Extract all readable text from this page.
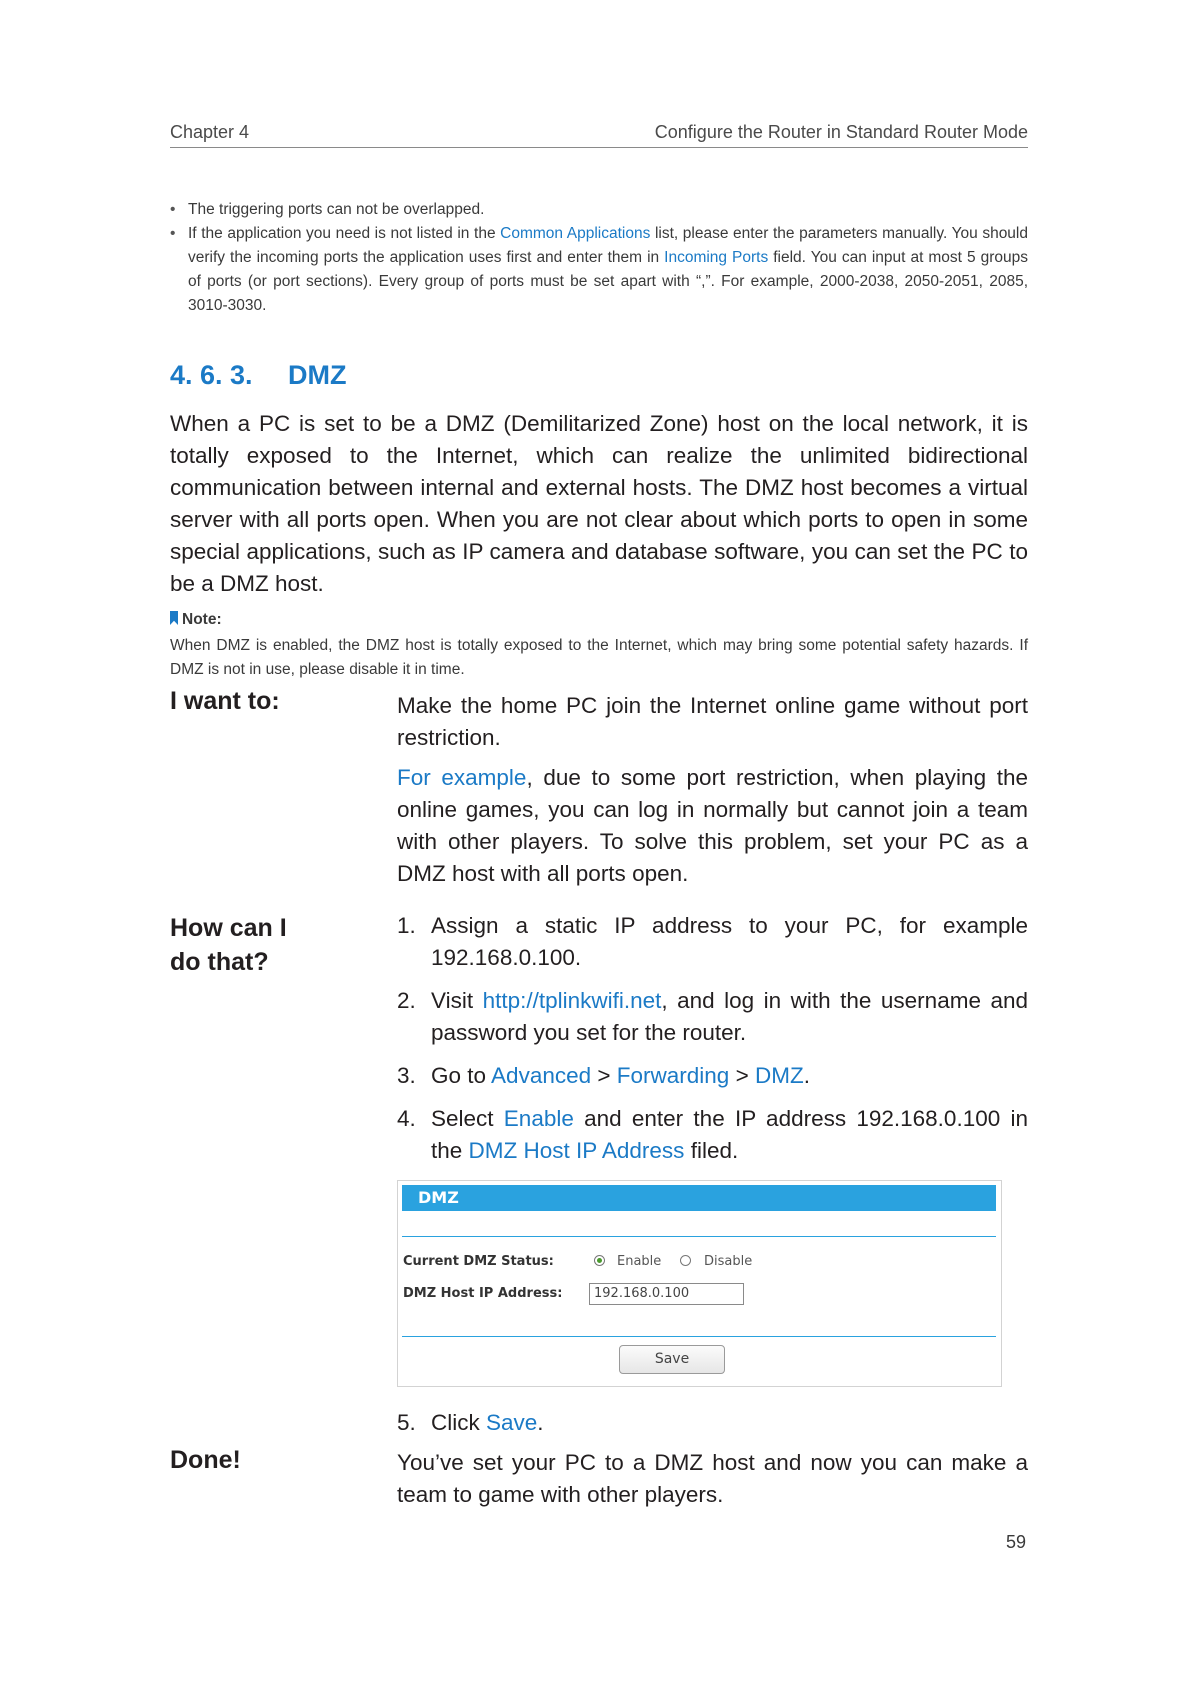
Chapter 4	Configure the Router in Standard Router Mode
• The triggering ports can not be overlapped.
• If the application you need is not listed in the Common Applications list, please enter the parameters manually. You should verify the incoming ports the application uses first and enter them in Incoming Ports field. You can input at most 5 groups of ports (or port sections). Every group of ports must be set apart with “,”. For example, 2000-2038, 2050-2051, 2085, 3010-3030.
4. 6. 3. DMZ
When a PC is set to be a DMZ (Demilitarized Zone) host on the local network, it is totally exposed to the Internet, which can realize the unlimited bidirectional communication between internal and external hosts. The DMZ host becomes a virtual server with all ports open. When you are not clear about which ports to open in some special applications, such as IP camera and database software, you can set the PC to be a DMZ host.
Note:
When DMZ is enabled, the DMZ host is totally exposed to the Internet, which may bring some potential safety hazards. If DMZ is not in use, please disable it in time.
I want to:	Make the home PC join the Internet online game without port restriction.
For example, due to some port restriction, when playing the online games, you can log in normally but cannot join a team with other players. To solve this problem, set your PC as a DMZ host with all ports open.
How can I
do that?
1. Assign a static IP address to your PC, for example 192.168.0.100.
2. Visit http://tplinkwifi.net, and log in with the username and password you set for the router.
3. Go to Advanced > Forwarding > DMZ.
4. Select Enable and enter the IP address 192.168.0.100 in the DMZ Host IP Address filed.
DMZ
Current DMZ Status:	Enable	Disable
DMZ Host IP Address:	192.168.0.100
Save
5. Click Save.
Done!	You’ve set your PC to a DMZ host and now you can make a team to game with other players.
59
